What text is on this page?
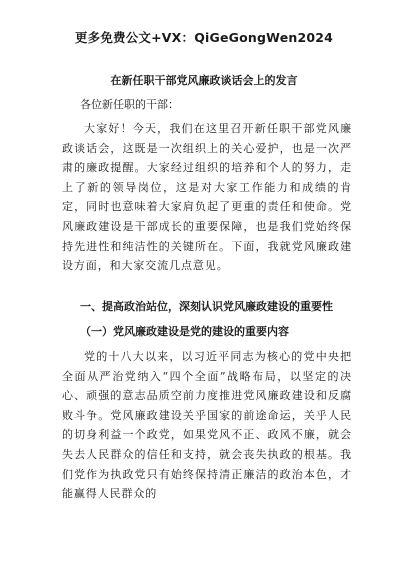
更多免费公文+VX：QiGeGongWen2024
在新任职干部党风廉政谈话会上的发言
各位新任职的干部：
大家好！今天，我们在这里召开新任职干部党风廉政谈话会，这既是一次组织上的关心爱护，也是一次严肃的廉政提醒。大家经过组织的培养和个人的努力，走上了新的领导岗位，这是对大家工作能力和成绩的肯定，同时也意味着大家肩负起了更重的责任和使命。党风廉政建设是干部成长的重要保障，也是我们党始终保持先进性和纯洁性的关键所在。下面，我就党风廉政建设方面，和大家交流几点意见。
一、提高政治站位，深刻认识党风廉政建设的重要性
（一）党风廉政建设是党的建设的重要内容
党的十八大以来，以习近平同志为核心的党中央把全面从严治党纳入“四个全面”战略布局，以坚定的决心、顽强的意志品质空前力度推进党风廉政建设和反腐败斗争。党风廉政建设关乎国家的前途命运，关乎人民的切身利益一个政党，如果党风不正、政风不廉，就会失去人民群众的信任和支持，就会丧失执政的根基。我们党作为执政党只有始终保持清正廉洁的政治本色，才能赢得人民群众的
